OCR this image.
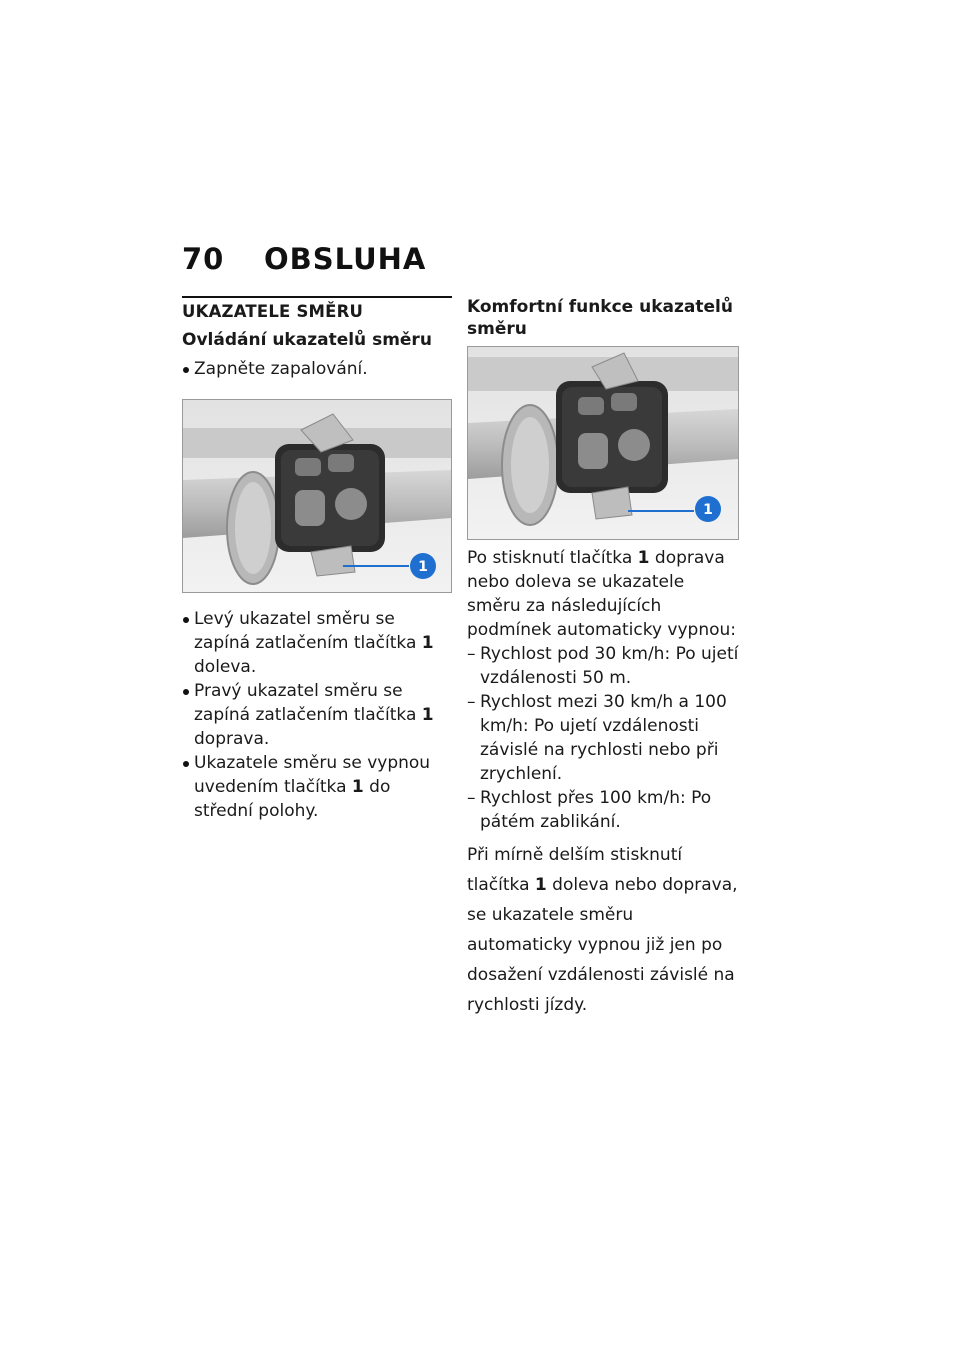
70 OBSLUHA
UKAZATELE SMĚRU
Ovládání ukazatelů směru
Zapněte zapalování.
1
Levý ukazatel směru se zapíná zatlačením tlačítka 1 doleva.
Pravý ukazatel směru se zapíná zatlačením tlačítka 1 doprava.
Ukazatele směru se vypnou uvedením tlačítka 1 do střední polohy.
Komfortní funkce ukazatelů směru
1
Po stisknutí tlačítka 1 doprava nebo doleva se ukazatele směru za následujících podmínek automaticky vypnou:
– Rychlost pod 30 km/h: Po ujetí vzdálenosti 50 m.
– Rychlost mezi 30 km/h a 100 km/h: Po ujetí vzdálenosti závislé na rychlosti nebo při zrychlení.
– Rychlost přes 100 km/h: Po pátém zablikání.
Při mírně delším stisknutí tlačítka 1 doleva nebo doprava, se ukazatele směru automaticky vypnou již jen po dosažení vzdálenosti závislé na rychlosti jízdy.
